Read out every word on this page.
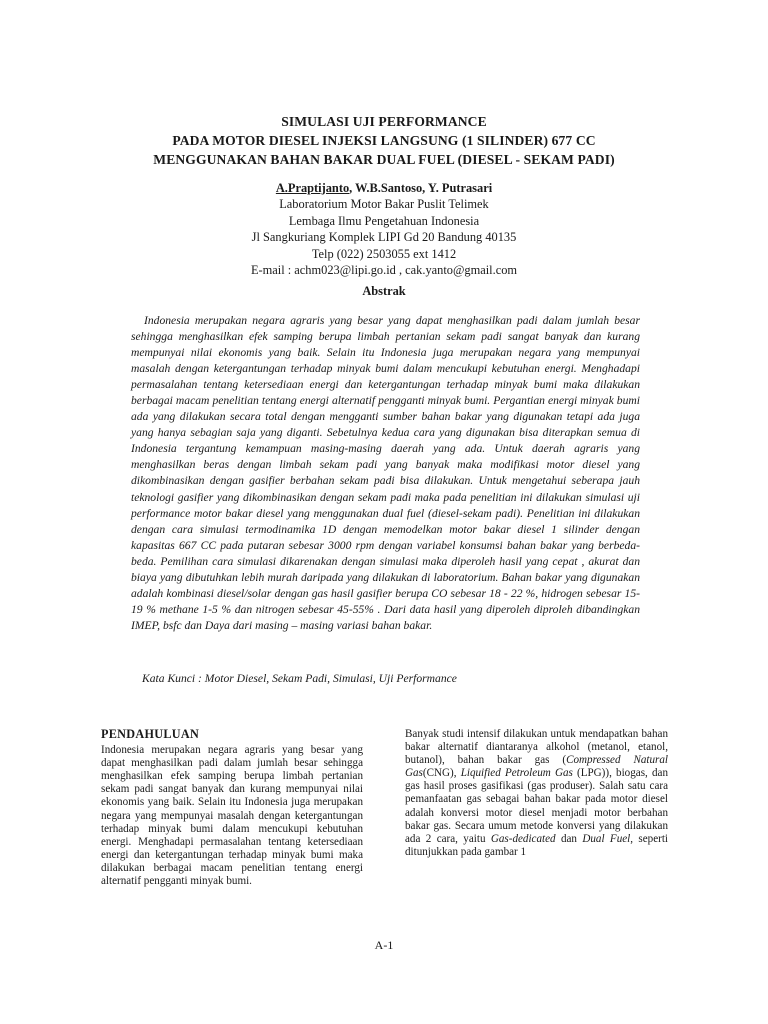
SIMULASI UJI PERFORMANCE
PADA MOTOR DIESEL INJEKSI LANGSUNG (1 SILINDER) 677 CC
MENGGUNAKAN BAHAN BAKAR DUAL FUEL (DIESEL - SEKAM PADI)
A.Praptijanto, W.B.Santoso, Y. Putrasari
Laboratorium Motor Bakar Puslit Telimek
Lembaga Ilmu Pengetahuan Indonesia
Jl Sangkuriang Komplek LIPI Gd 20 Bandung 40135
Telp (022) 2503055 ext 1412
E-mail : achm023@lipi.go.id , cak.yanto@gmail.com
Abstrak
Indonesia merupakan negara agraris yang besar yang dapat menghasilkan padi dalam jumlah besar sehingga menghasilkan efek samping berupa limbah pertanian sekam padi sangat banyak dan kurang mempunyai nilai ekonomis yang baik. Selain itu Indonesia juga merupakan negara yang mempunyai masalah dengan ketergantungan terhadap minyak bumi dalam mencukupi kebutuhan energi. Menghadapi permasalahan tentang ketersediaan energi dan ketergantungan terhadap minyak bumi maka dilakukan berbagai macam penelitian tentang energi alternatif pengganti minyak bumi. Pergantian energi minyak bumi ada yang dilakukan secara total dengan mengganti sumber bahan bakar yang digunakan tetapi ada juga yang hanya sebagian saja yang diganti. Sebetulnya kedua cara yang digunakan bisa diterapkan semua di Indonesia tergantung kemampuan masing-masing daerah yang ada. Untuk daerah agraris yang menghasilkan beras dengan limbah sekam padi yang banyak maka modifikasi motor diesel yang dikombinasikan dengan gasifier berbahan sekam padi bisa dilakukan. Untuk mengetahui seberapa jauh teknologi gasifier yang dikombinasikan dengan sekam padi maka pada penelitian ini dilakukan simulasi uji performance motor bakar diesel yang menggunakan dual fuel (diesel-sekam padi). Penelitian ini dilakukan dengan cara simulasi termodinamika 1D dengan memodelkan motor bakar diesel 1 silinder dengan kapasitas 667 CC pada putaran sebesar 3000 rpm dengan variabel konsumsi bahan bakar yang berbeda-beda. Pemilihan cara simulasi dikarenakan dengan simulasi maka diperoleh hasil yang cepat , akurat dan biaya yang dibutuhkan lebih murah daripada yang dilakukan di laboratorium. Bahan bakar yang digunakan adalah kombinasi diesel/solar dengan gas hasil gasifier berupa CO sebesar 18 - 22 %, hidrogen sebesar 15-19 % methane 1-5 % dan nitrogen sebesar 45-55% . Dari data hasil yang diperoleh diproleh dibandingkan IMEP, bsfc dan Daya dari masing – masing variasi bahan bakar.
Kata Kunci : Motor Diesel, Sekam Padi, Simulasi, Uji Performance
PENDAHULUAN

Indonesia merupakan negara agraris yang besar yang dapat menghasilkan padi dalam jumlah besar sehingga menghasilkan efek samping berupa limbah pertanian sekam padi sangat banyak dan kurang mempunyai nilai ekonomis yang baik. Selain itu Indonesia juga merupakan negara yang mempunyai masalah dengan ketergantungan terhadap minyak bumi dalam mencukupi kebutuhan energi. Menghadapi permasalahan tentang ketersediaan energi dan ketergantungan terhadap minyak bumi maka dilakukan berbagai macam penelitian tentang energi alternatif pengganti minyak bumi.

Banyak studi intensif dilakukan untuk mendapatkan bahan bakar alternatif diantaranya alkohol (metanol, etanol, butanol), bahan bakar gas (Compressed Natural Gas(CNG), Liquified Petroleum Gas (LPG)), biogas, dan gas hasil proses gasifikasi (gas produser). Salah satu cara pemanfaatan gas sebagai bahan bakar pada motor diesel adalah konversi motor diesel menjadi motor berbahan bakar gas. Secara umum metode konversi yang dilakukan ada 2 cara, yaitu Gas-dedicated dan Dual Fuel, seperti ditunjukkan pada gambar 1

A-1
